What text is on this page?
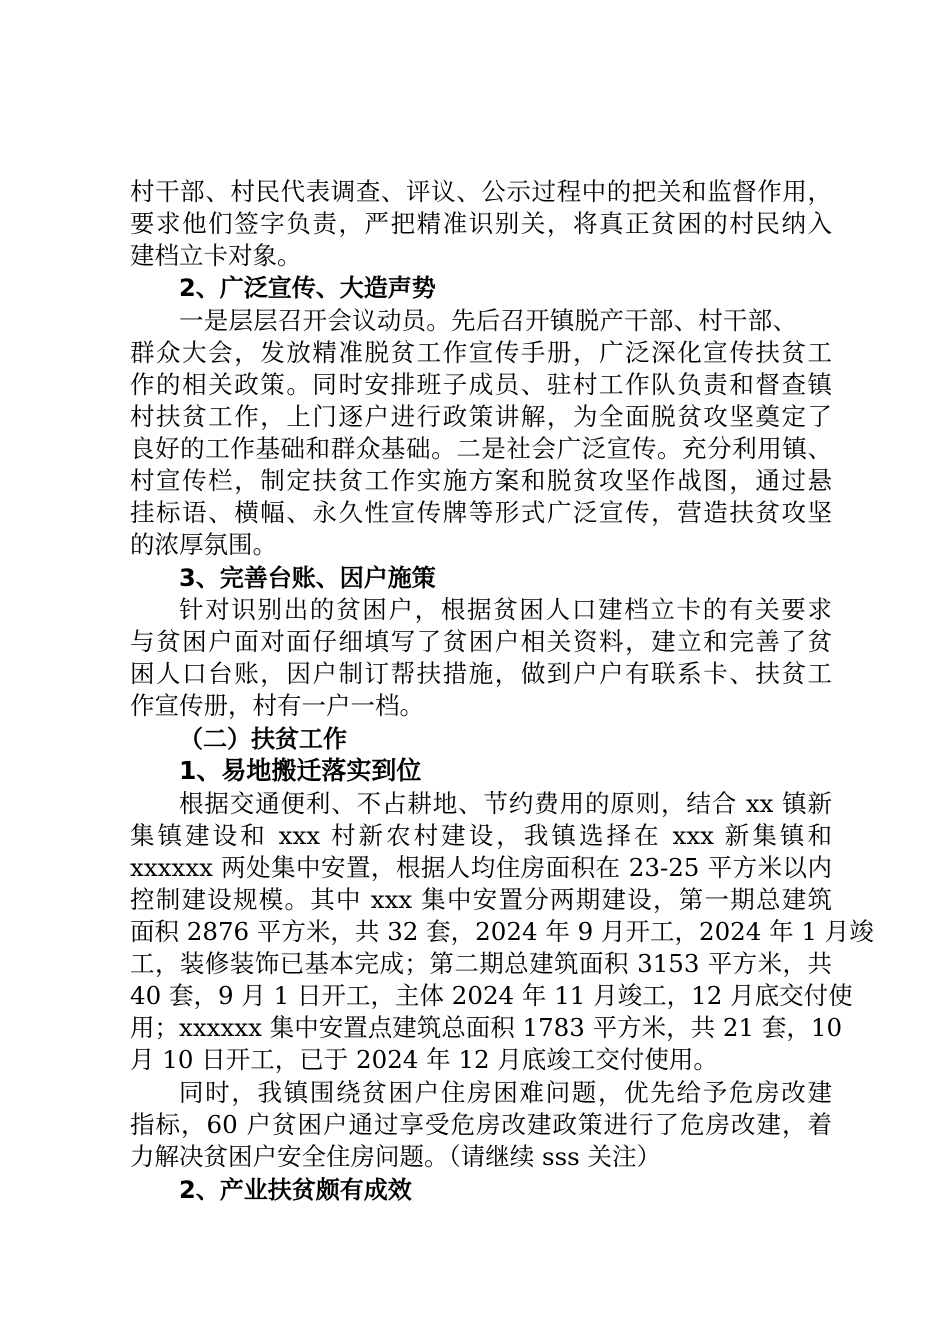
村干部、村民代表调查、评议、公示过程中的把关和监督作用，
要求他们签字负责，严把精准识别关，将真正贫困的村民纳入
建档立卡对象。
2、广泛宣传、大造声势
一是层层召开会议动员。先后召开镇脱产干部、村干部、
群众大会，发放精准脱贫工作宣传手册，广泛深化宣传扶贫工
作的相关政策。同时安排班子成员、驻村工作队负责和督查镇
村扶贫工作，上门逐户进行政策讲解，为全面脱贫攻坚奠定了
良好的工作基础和群众基础。二是社会广泛宣传。充分利用镇、
村宣传栏，制定扶贫工作实施方案和脱贫攻坚作战图，通过悬
挂标语、横幅、永久性宣传牌等形式广泛宣传，营造扶贫攻坚
的浓厚氛围。
3、完善台账、因户施策
针对识别出的贫困户，根据贫困人口建档立卡的有关要求
与贫困户面对面仔细填写了贫困户相关资料，建立和完善了贫
困人口台账，因户制订帮扶措施，做到户户有联系卡、扶贫工
作宣传册，村有一户一档。
（二）扶贫工作
1、易地搬迁落实到位
根据交通便利、不占耕地、节约费用的原则，结合 xx 镇新
集镇建设和 xxx 村新农村建设，我镇选择在 xxx 新集镇和
xxxxxx 两处集中安置，根据人均住房面积在 23-25 平方米以内
控制建设规模。其中 xxx 集中安置分两期建设，第一期总建筑
面积 2876 平方米，共 32 套，2024 年 9 月开工，2024 年 1 月竣
工，装修装饰已基本完成；第二期总建筑面积 3153 平方米，共
40 套，9 月 1 日开工，主体 2024 年 11 月竣工，12 月底交付使
用；xxxxxx 集中安置点建筑总面积 1783 平方米，共 21 套，10
月 10 日开工，已于 2024 年 12 月底竣工交付使用。
同时，我镇围绕贫困户住房困难问题，优先给予危房改建
指标，60 户贫困户通过享受危房改建政策进行了危房改建，着
力解决贫困户安全住房问题。（请继续 sss 关注）
2、产业扶贫颇有成效
